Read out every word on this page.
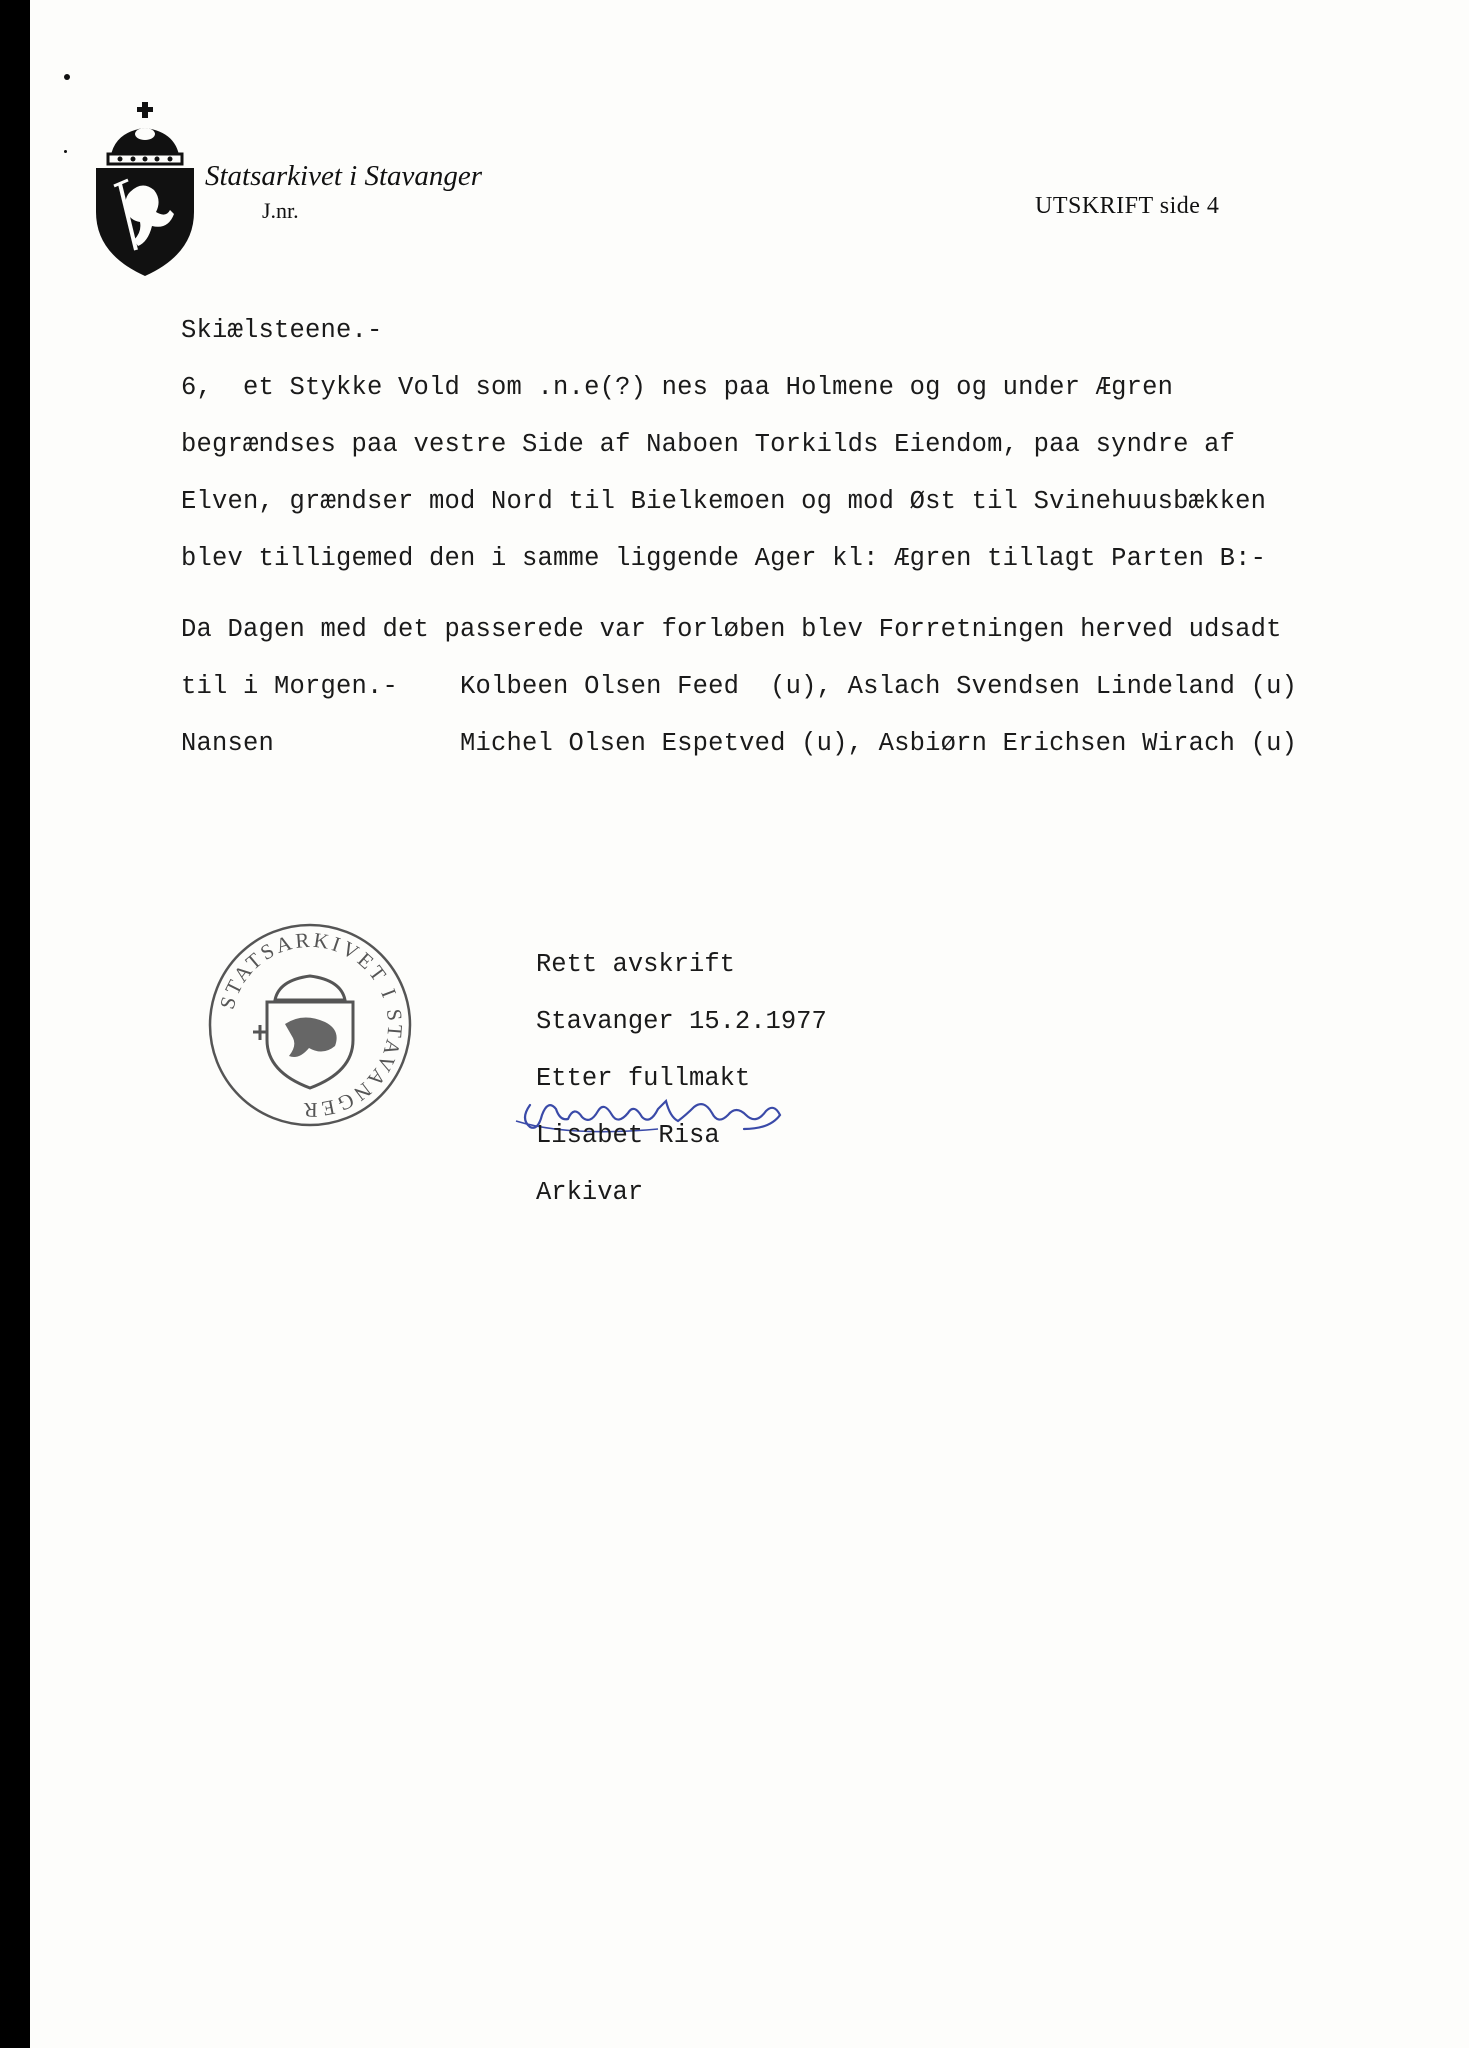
Statsarkivet i Stavanger
J.nr.	UTSKRIFT side 4
Skiælsteene.-
6,  et Stykke Vold som .n.e(?) nes paa Holmene og og under Ægren
begrændses paa vestre Side af Naboen Torkilds Eiendom, paa syndre af
Elven, grændser mod Nord til Bielkemoen og mod Øst til Svinehuusbækken
blev tilligemed den i samme liggende Ager kl: Ægren tillagt Parten B:-
Da Dagen med det passerede var forløben blev Forretningen herved udsadt
til i Morgen.-    Kolbeen Olsen Feed  (u), Aslach Svendsen Lindeland (u)
Nansen            Michel Olsen Espetved (u), Asbiørn Erichsen Wirach (u)
STATSARKIVET I STAVANGER
Rett avskrift
Stavanger 15.2.1977
Etter fullmakt
Lisabet Risa
Arkivar
